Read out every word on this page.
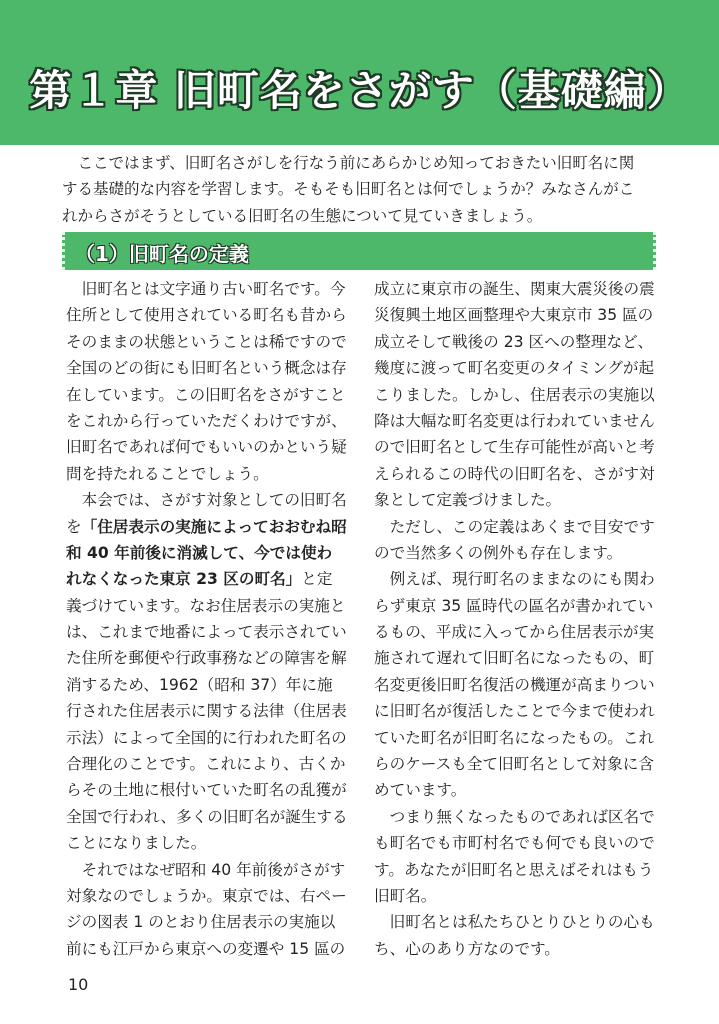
第１章 旧町名をさがす（基礎編）
ここではまず、旧町名さがしを行なう前にあらかじめ知っておきたい旧町名に関
する基礎的な内容を学習します。そもそも旧町名とは何でしょうか？みなさんがこ
れからさがそうとしている旧町名の生態について見ていきましょう。
（1）旧町名の定義
旧町名とは文字通り古い町名です。今
住所として使用されている町名も昔から
そのままの状態ということは稀ですので
全国のどの街にも旧町名という概念は存
在しています。この旧町名をさがすこと
をこれから行っていただくわけですが、
旧町名であれば何でもいいのかという疑
問を持たれることでしょう。
本会では、さがす対象としての旧町名
を「住居表示の実施によっておおむね昭
和 40 年前後に消滅して、今では使わ
れなくなった東京 23 区の町名」と定
義づけています。なお住居表示の実施と
は、これまで地番によって表示されてい
た住所を郵便や行政事務などの障害を解
消するため、1962（昭和 37）年に施
行された住居表示に関する法律（住居表
示法）によって全国的に行われた町名の
合理化のことです。これにより、古くか
らその土地に根付いていた町名の乱獲が
全国で行われ、多くの旧町名が誕生する
ことになりました。
それではなぜ昭和 40 年前後がさがす
対象なのでしょうか。東京では、右ペー
ジの図表 1 のとおり住居表示の実施以
前にも江戸から東京への変遷や 15 區の
成立に東京市の誕生、関東大震災後の震
災復興土地区画整理や大東京市 35 區の
成立そして戦後の 23 区への整理など、
幾度に渡って町名変更のタイミングが起
こりました。しかし、住居表示の実施以
降は大幅な町名変更は行われていません
ので旧町名として生存可能性が高いと考
えられるこの時代の旧町名を、さがす対
象として定義づけました。
ただし、この定義はあくまで目安です
ので当然多くの例外も存在します。
例えば、現行町名のままなのにも関わ
らず東京 35 區時代の區名が書かれてい
るもの、平成に入ってから住居表示が実
施されて遅れて旧町名になったもの、町
名変更後旧町名復活の機運が高まりつい
に旧町名が復活したことで今まで使われ
ていた町名が旧町名になったもの。これ
らのケースも全て旧町名として対象に含
めています。
つまり無くなったものであれば区名で
も町名でも市町村名でも何でも良いので
す。あなたが旧町名と思えばそれはもう
旧町名。
旧町名とは私たちひとりひとりの心も
ち、心のあり方なのです。
10
